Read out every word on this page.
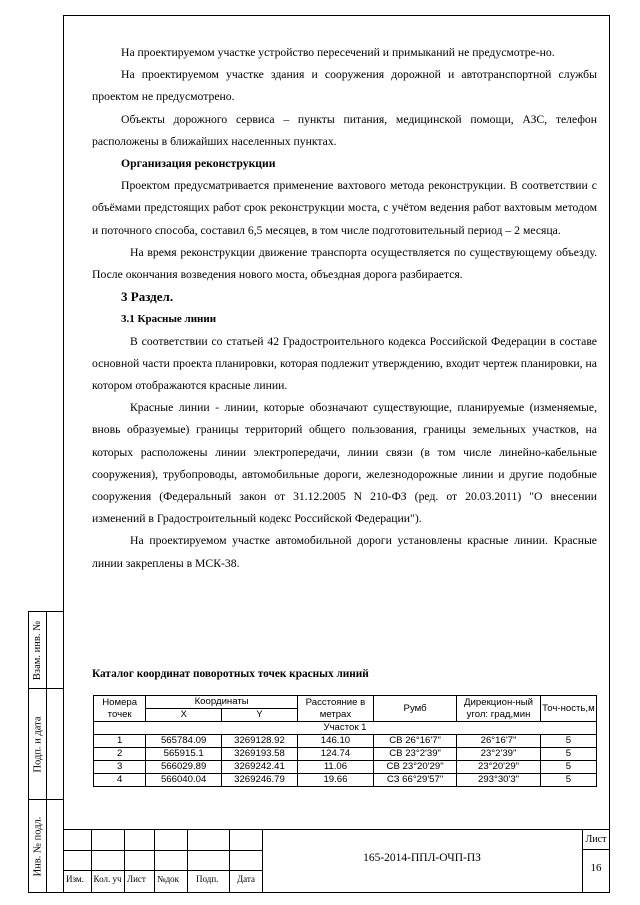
Взам. инв. №
Подп. и дата
Инв. № подл.

На проектируемом участке устройство пересечений и примыканий не предусмотре-но.

На проектируемом участке здания и сооружения дорожной и автотранспортной службы проектом не предусмотрено.

Объекты дорожного сервиса – пункты питания, медицинской помощи, АЗС, телефон расположены в ближайших населенных пунктах.

Организация реконструкции

Проектом предусматривается применение вахтового метода реконструкции. В соответствии с объёмами предстоящих работ срок реконструкции моста, с учётом ведения работ вахтовым методом и поточного способа, составил 6,5 месяцев, в том числе подготовительный период – 2 месяца.

На время реконструкции движение транспорта осуществляется по существующему объезду. После окончания возведения нового моста, объездная дорога разбирается.

3 Раздел.

3.1 Красные линии

В соответствии со статьей 42 Градостроительного кодекса Российской Федерации в составе основной части проекта планировки, которая подлежит утверждению, входит чертеж планировки, на котором отображаются красные линии.

Красные линии - линии, которые обозначают существующие, планируемые (изменяемые, вновь образуемые) границы территорий общего пользования, границы земельных участков, на которых расположены линии электропередачи, линии связи (в том числе линейно-кабельные сооружения), трубопроводы, автомобильные дороги, железнодорожные линии и другие подобные сооружения (Федеральный закон от 31.12.2005 N 210-ФЗ (ред. от 20.03.2011) "О внесении изменений в Градостроительный кодекс Российской Федерации").

На проектируемом участке автомобильной дороги установлены красные линии. Красные линии закреплены в МСК-38.

Каталог координат поворотных точек красных линий
Номера точек	Координаты		Расстояние в метрах	Румб	Дирекцион-ный угол: град,мин	Точ-ность,м
	X	Y				
Участок 1						
1	565784.09	3269128.92	146.10	СВ 26°16'7"	26°16'7"	5
2	565915.1	3269193.58	124.74	СВ 23°2'39"	23°2'39"	5
3	566029.89	3269242.41	11.06	СВ 23°20'29"	23°20'29"	5
4	566040.04	3269246.79	19.66	СЗ 66°29'57"	293°30'3"	5
Изм.	Кол. уч Лист №док Подп. Дата
165-2014-ППЛ-ОЧП-ПЗ
Лист
16
